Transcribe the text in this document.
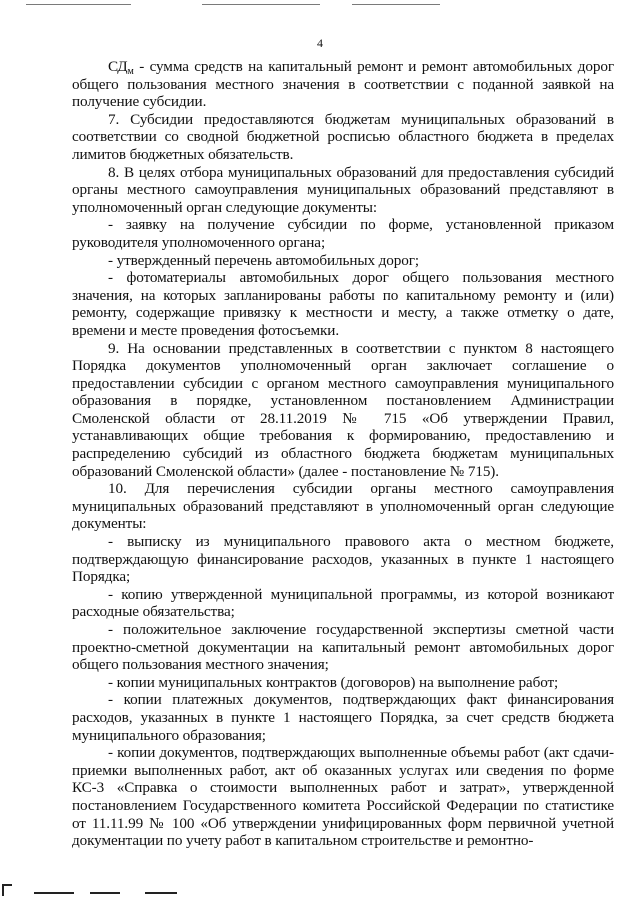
4

$СД_м$ - сумма средств на капитальный ремонт и ремонт автомобильных дорог общего пользования местного значения в соответствии с поданной заявкой на получение субсидии.

7. Субсидии предоставляются бюджетам муниципальных образований в соответствии со сводной бюджетной росписью областного бюджета в пределах лимитов бюджетных обязательств.

8. В целях отбора муниципальных образований для предоставления субсидий органы местного самоуправления муниципальных образований представляют в уполномоченный орган следующие документы:

- заявку на получение субсидии по форме, установленной приказом руководителя уполномоченного органа;

- утвержденный перечень автомобильных дорог;

- фотоматериалы автомобильных дорог общего пользования местного значения, на которых запланированы работы по капитальному ремонту и (или) ремонту, содержащие привязку к местности и месту, а также отметку о дате, времени и месте проведения фотосъемки.

9. На основании представленных в соответствии с пунктом 8 настоящего Порядка документов уполномоченный орган заключает соглашение о предоставлении субсидии с органом местного самоуправления муниципального образования в порядке, установленном постановлением Администрации Смоленской области от 28.11.2019 № 715 «Об утверждении Правил, устанавливающих общие требования к формированию, предоставлению и распределению субсидий из областного бюджета бюджетам муниципальных образований Смоленской области» (далее - постановление № 715).

10. Для перечисления субсидии органы местного самоуправления муниципальных образований представляют в уполномоченный орган следующие документы:

- выписку из муниципального правового акта о местном бюджете, подтверждающую финансирование расходов, указанных в пункте 1 настоящего Порядка;

- копию утвержденной муниципальной программы, из которой возникают расходные обязательства;

- положительное заключение государственной экспертизы сметной части проектно-сметной документации на капитальный ремонт автомобильных дорог общего пользования местного значения;

- копии муниципальных контрактов (договоров) на выполнение работ;

- копии платежных документов, подтверждающих факт финансирования расходов, указанных в пункте 1 настоящего Порядка, за счет средств бюджета муниципального образования;

- копии документов, подтверждающих выполненные объемы работ (акт сдачи-приемки выполненных работ, акт об оказанных услугах или сведения по форме КС-3 «Справка о стоимости выполненных работ и затрат», утвержденной постановлением Государственного комитета Российской Федерации по статистике от 11.11.99 № 100 «Об утверждении унифицированных форм первичной учетной документации по учету работ в капитальном строительстве и ремонтно-
